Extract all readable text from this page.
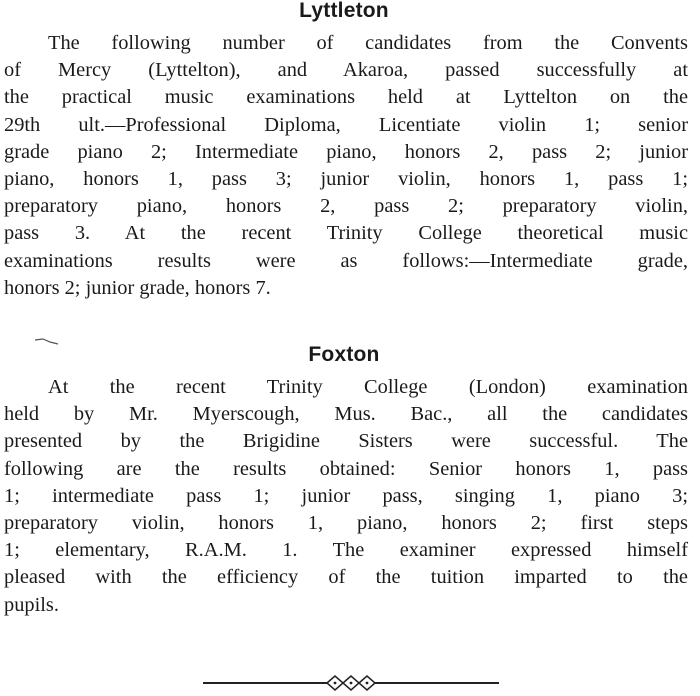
Lyttleton

The following number of candidates from the Convents
of Mercy (Lyttelton), and Akaroa, passed successfully at
the practical music examinations held at Lyttelton on the
29th ult.—Professional Diploma, Licentiate violin 1; senior
grade piano 2; Intermediate piano, honors 2, pass 2; junior
piano, honors 1, pass 3; junior violin, honors 1, pass 1;
preparatory piano, honors 2, pass 2; preparatory violin,
pass 3. At the recent Trinity College theoretical music
examinations results were as follows:—Intermediate grade,
honors 2; junior grade, honors 7.

Foxton

At the recent Trinity College (London) examination
held by Mr. Myerscough, Mus. Bac., all the candidates
presented by the Brigidine Sisters were successful. The
following are the results obtained: Senior honors 1, pass
1; intermediate pass 1; junior pass, singing 1, piano 3;
preparatory violin, honors 1, piano, honors 2; first steps
1; elementary, R.A.M. 1. The examiner expressed himself
pleased with the efficiency of the tuition imparted to the
pupils.
